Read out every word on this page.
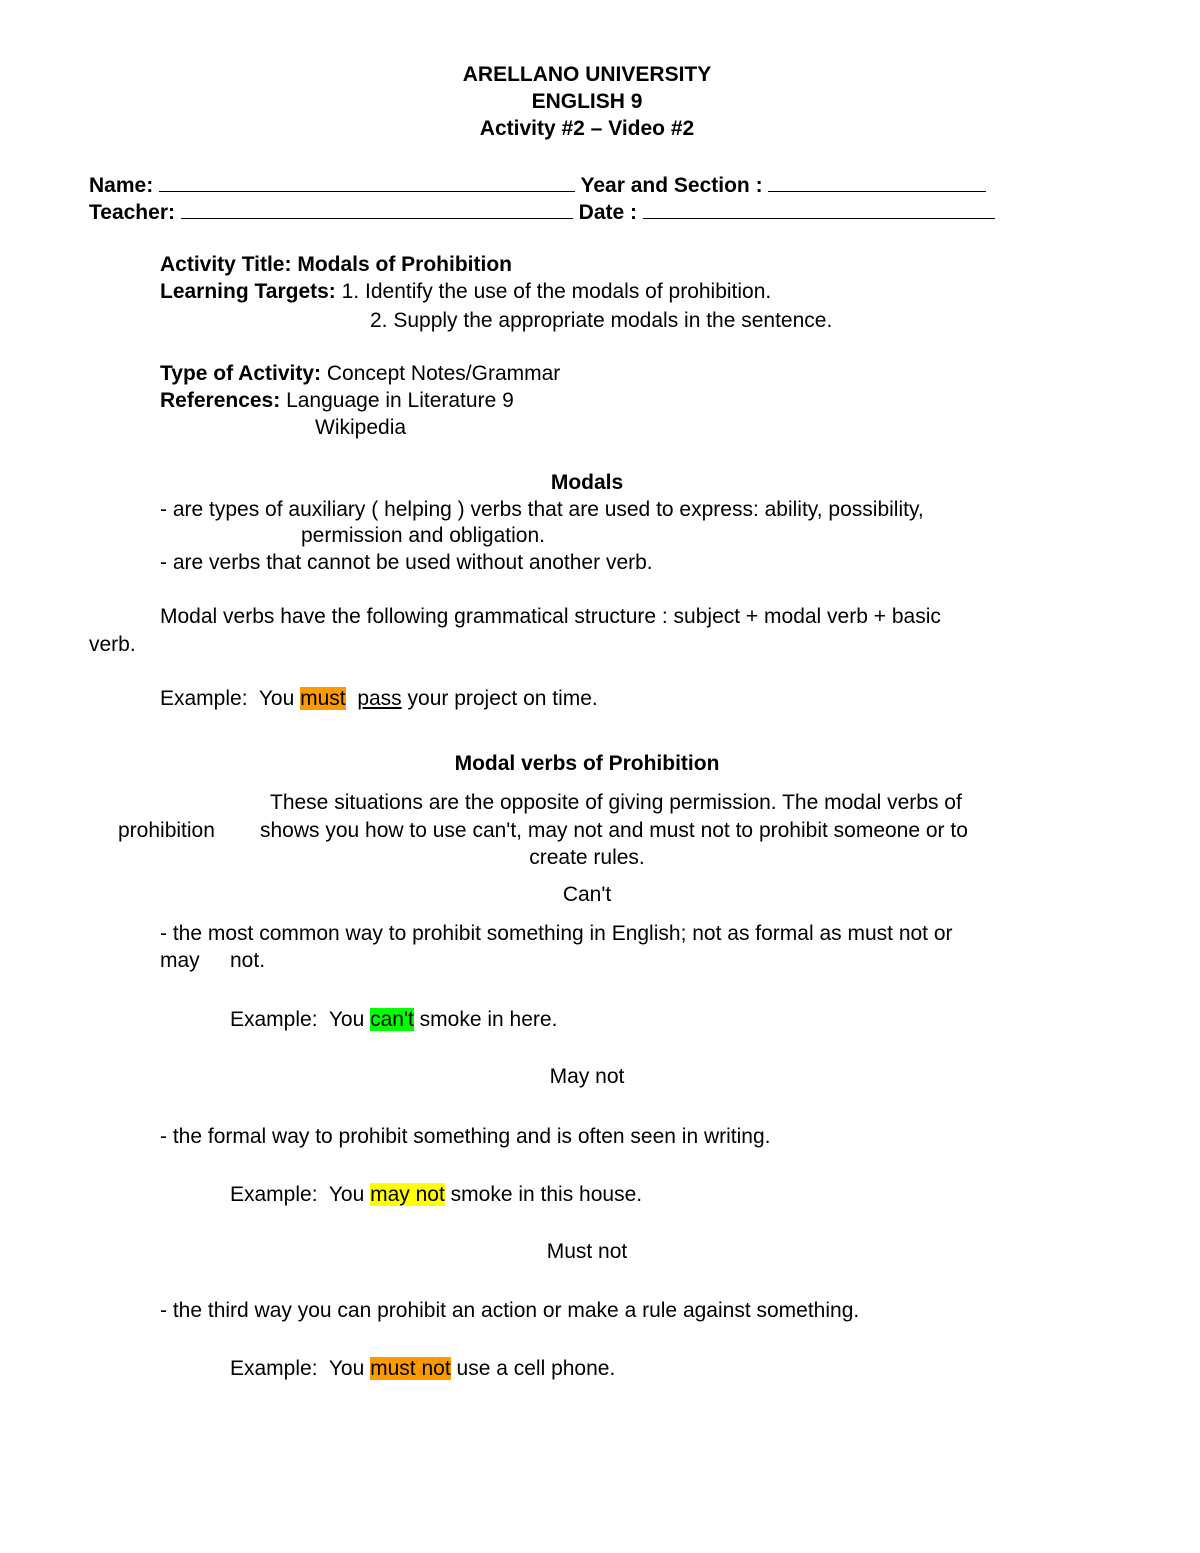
ARELLANO UNIVERSITY
ENGLISH 9
Activity #2 – Video #2
Name:	Year and Section :
Teacher:	Date :
Activity Title: Modals of Prohibition
Learning Targets: 1. Identify the use of the modals of prohibition.
2. Supply the appropriate modals in the sentence.
Type of Activity: Concept Notes/Grammar
References: Language in Literature 9
Wikipedia
Modals
- are types of auxiliary ( helping ) verbs that are used to express: ability, possibility,
permission and obligation.
- are verbs that cannot be used without another verb.
Modal verbs have the following grammatical structure : subject + modal verb + basic
verb.
Example: You must pass your project on time.
Modal verbs of Prohibition
These situations are the opposite of giving permission. The modal verbs of
prohibition shows you how to use can't, may not and must not to prohibit someone or to
create rules.
Can't
- the most common way to prohibit something in English; not as formal as must not or
may not.
Example: You can't smoke in here.
May not
- the formal way to prohibit something and is often seen in writing.
Example: You may not smoke in this house.
Must not
- the third way you can prohibit an action or make a rule against something.
Example: You must not use a cell phone.
